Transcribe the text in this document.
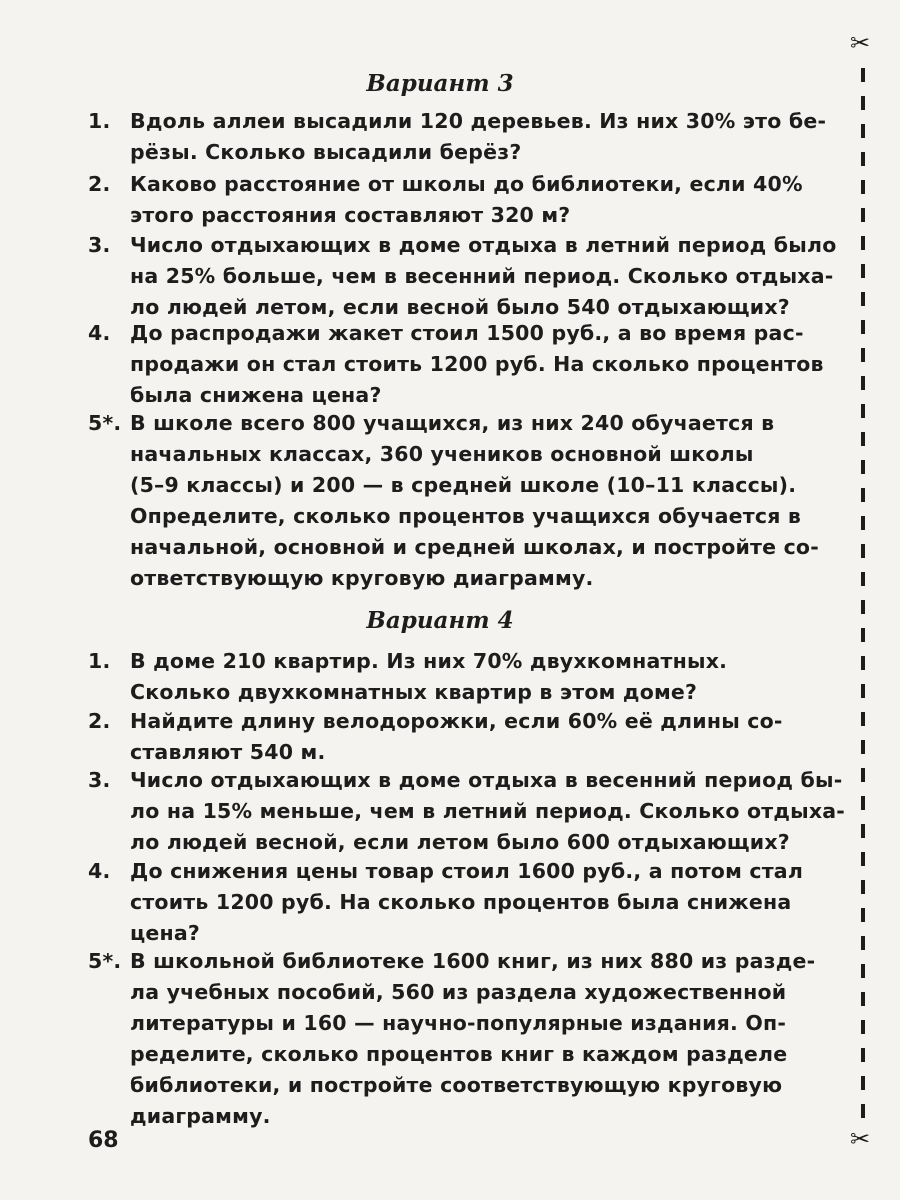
Вариант 3
1. Вдоль аллеи высадили 120 деревьев. Из них 30% это бе-
рёзы. Сколько высадили берёз?
2. Каково расстояние от школы до библиотеки, если 40%
этого расстояния составляют 320 м?
3. Число отдыхающих в доме отдыха в летний период было
на 25% больше, чем в весенний период. Сколько отдыха-
ло людей летом, если весной было 540 отдыхающих?
4. До распродажи жакет стоил 1500 руб., а во время рас-
продажи он стал стоить 1200 руб. На сколько процентов
была снижена цена?
5*. В школе всего 800 учащихся, из них 240 обучается в
начальных классах, 360 учеников основной школы
(5–9 классы) и 200 — в средней школе (10–11 классы).
Определите, сколько процентов учащихся обучается в
начальной, основной и средней школах, и постройте со-
ответствующую круговую диаграмму.
Вариант 4
1. В доме 210 квартир. Из них 70% двухкомнатных.
Сколько двухкомнатных квартир в этом доме?
2. Найдите длину велодорожки, если 60% её длины со-
ставляют 540 м.
3. Число отдыхающих в доме отдыха в весенний период бы-
ло на 15% меньше, чем в летний период. Сколько отдыха-
ло людей весной, если летом было 600 отдыхающих?
4. До снижения цены товар стоил 1600 руб., а потом стал
стоить 1200 руб. На сколько процентов была снижена
цена?
5*. В школьной библиотеке 1600 книг, из них 880 из разде-
ла учебных пособий, 560 из раздела художественной
литературы и 160 — научно-популярные издания. Оп-
ределите, сколько процентов книг в каждом разделе
библиотеки, и постройте соответствующую круговую
диаграмму.
68
✂
✂
